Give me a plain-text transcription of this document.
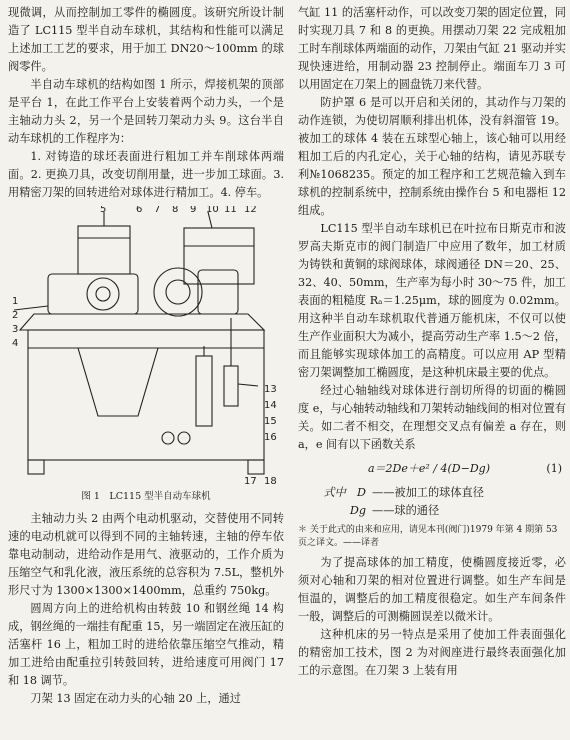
现微调，从而控制加工零件的椭圆度。该研究所设计制造了 LC115 型半自动车球机，其结构和性能可以满足上述加工工艺的要求，用于加工 DN20～100mm 的球阀零件。

半自动车球机的结构如图 1 所示，焊接机架的顶部是平台 1，在此工作平台上安装着两个动力头，一个是主轴动力头 2，另一个是回转刀架动力头 9。这台半自动车球机的工作程序为：

1. 对铸造的球坯表面进行粗加工并车削球体两端面。2. 更换刀具，改变切削用量，进一步加工球面。3. 用精密刀架的回转进给对球体进行精加工。4. 停车。

1
2
3
4
5	6 7 8 9 10 11 12
13
14
15
16
17 18

图 1　LC115 型半自动车球机

主轴动力头 2 由两个电动机驱动，交替使用不同转速的电动机就可以得到不同的主轴转速，主轴的停车依靠电动制动，进给动作是用气、液驱动的，工作介质为压缩空气和乳化液，液压系统的总容积为 7.5L，整机外形尺寸为 1300×1300×1400mm，总重约 750kg。

圆周方向上的进给机构由转鼓 10 和钢丝绳 14 构成，钢丝绳的一端挂有配重 15，另一端固定在液压缸的活塞杆 16 上，粗加工时的进给依靠压缩空气推动，精加工进给由配重拉引转鼓回转，进给速度可用阀门 17 和 18 调节。

刀架 13 固定在动力头的心轴 20 上，通过

气缸 11 的活塞杆动作，可以改变刀架的固定位置，同时实现刀具 7 和 8 的更换。用摆动刀架 22 完成粗加工时车削球体两端面的动作，刀架由气缸 21 驱动并实现快速进给，用制动器 23 控制停止。端面车刀 3 可以用固定在刀架上的圆盘铣刀来代替。

防护罩 6 是可以开启和关闭的，其动作与刀架的动作连锁，为使切屑顺利排出机体，没有斜溜管 19。被加工的球体 4 装在五球型心轴上，该心轴可以用经粗加工后的内孔定心，关于心轴的结构，请见苏联专利№1068235。预定的加工程序和工艺规范输入到车球机的控制系统中，控制系统由操作台 5 和电器柜 12 组成。

LC115 型半自动车球机已在叶拉布日斯克市和波罗高夫斯克市的阀门制造厂中应用了数年，加工材质为铸铁和黄铜的球阀球体，球阀通径 DN＝20、25、32、40、50mm，生产率为每小时 30～75 件，加工表面的粗糙度 Rₐ＝1.25μm，球的圆度为 0.02mm。用这种半自动车球机取代普通万能机床，不仅可以使生产作业面积大为减小，提高劳动生产率 1.5～2 倍，而且能够实现球体加工的高精度。可以应用 AP 型精密刀架调整加工椭圆度，是这种机床最主要的优点。

经过心轴轴线对球体进行剖切所得的切面的椭圆度 e，与心轴转动轴线和刀架转动轴线间的相对位置有关。如二者不相交，在理想交叉点有偏差 a 存在，则 a，e 间有以下函数关系

a＝2De＋e² / 4(D−Dg)	(1)
式中　D ——被加工的球体直径
Dg ——球的通径

＊ 关于此式的由来和应用，请见本刊(阀门)1979 年第 4 期第 53 页之译文。——译者

为了提高球体的加工精度，使椭圆度接近零，必须对心轴和刀架的相对位置进行调整。如生产车间是恒温的，调整后的加工精度很稳定。如生产车间条件一般，调整后的可测椭圆误差以微米计。

这种机床的另一特点是采用了使加工件表面强化的精密加工技术，图 2 为对阀座进行最终表面强化加工的示意图。在刀架 3 上装有用
